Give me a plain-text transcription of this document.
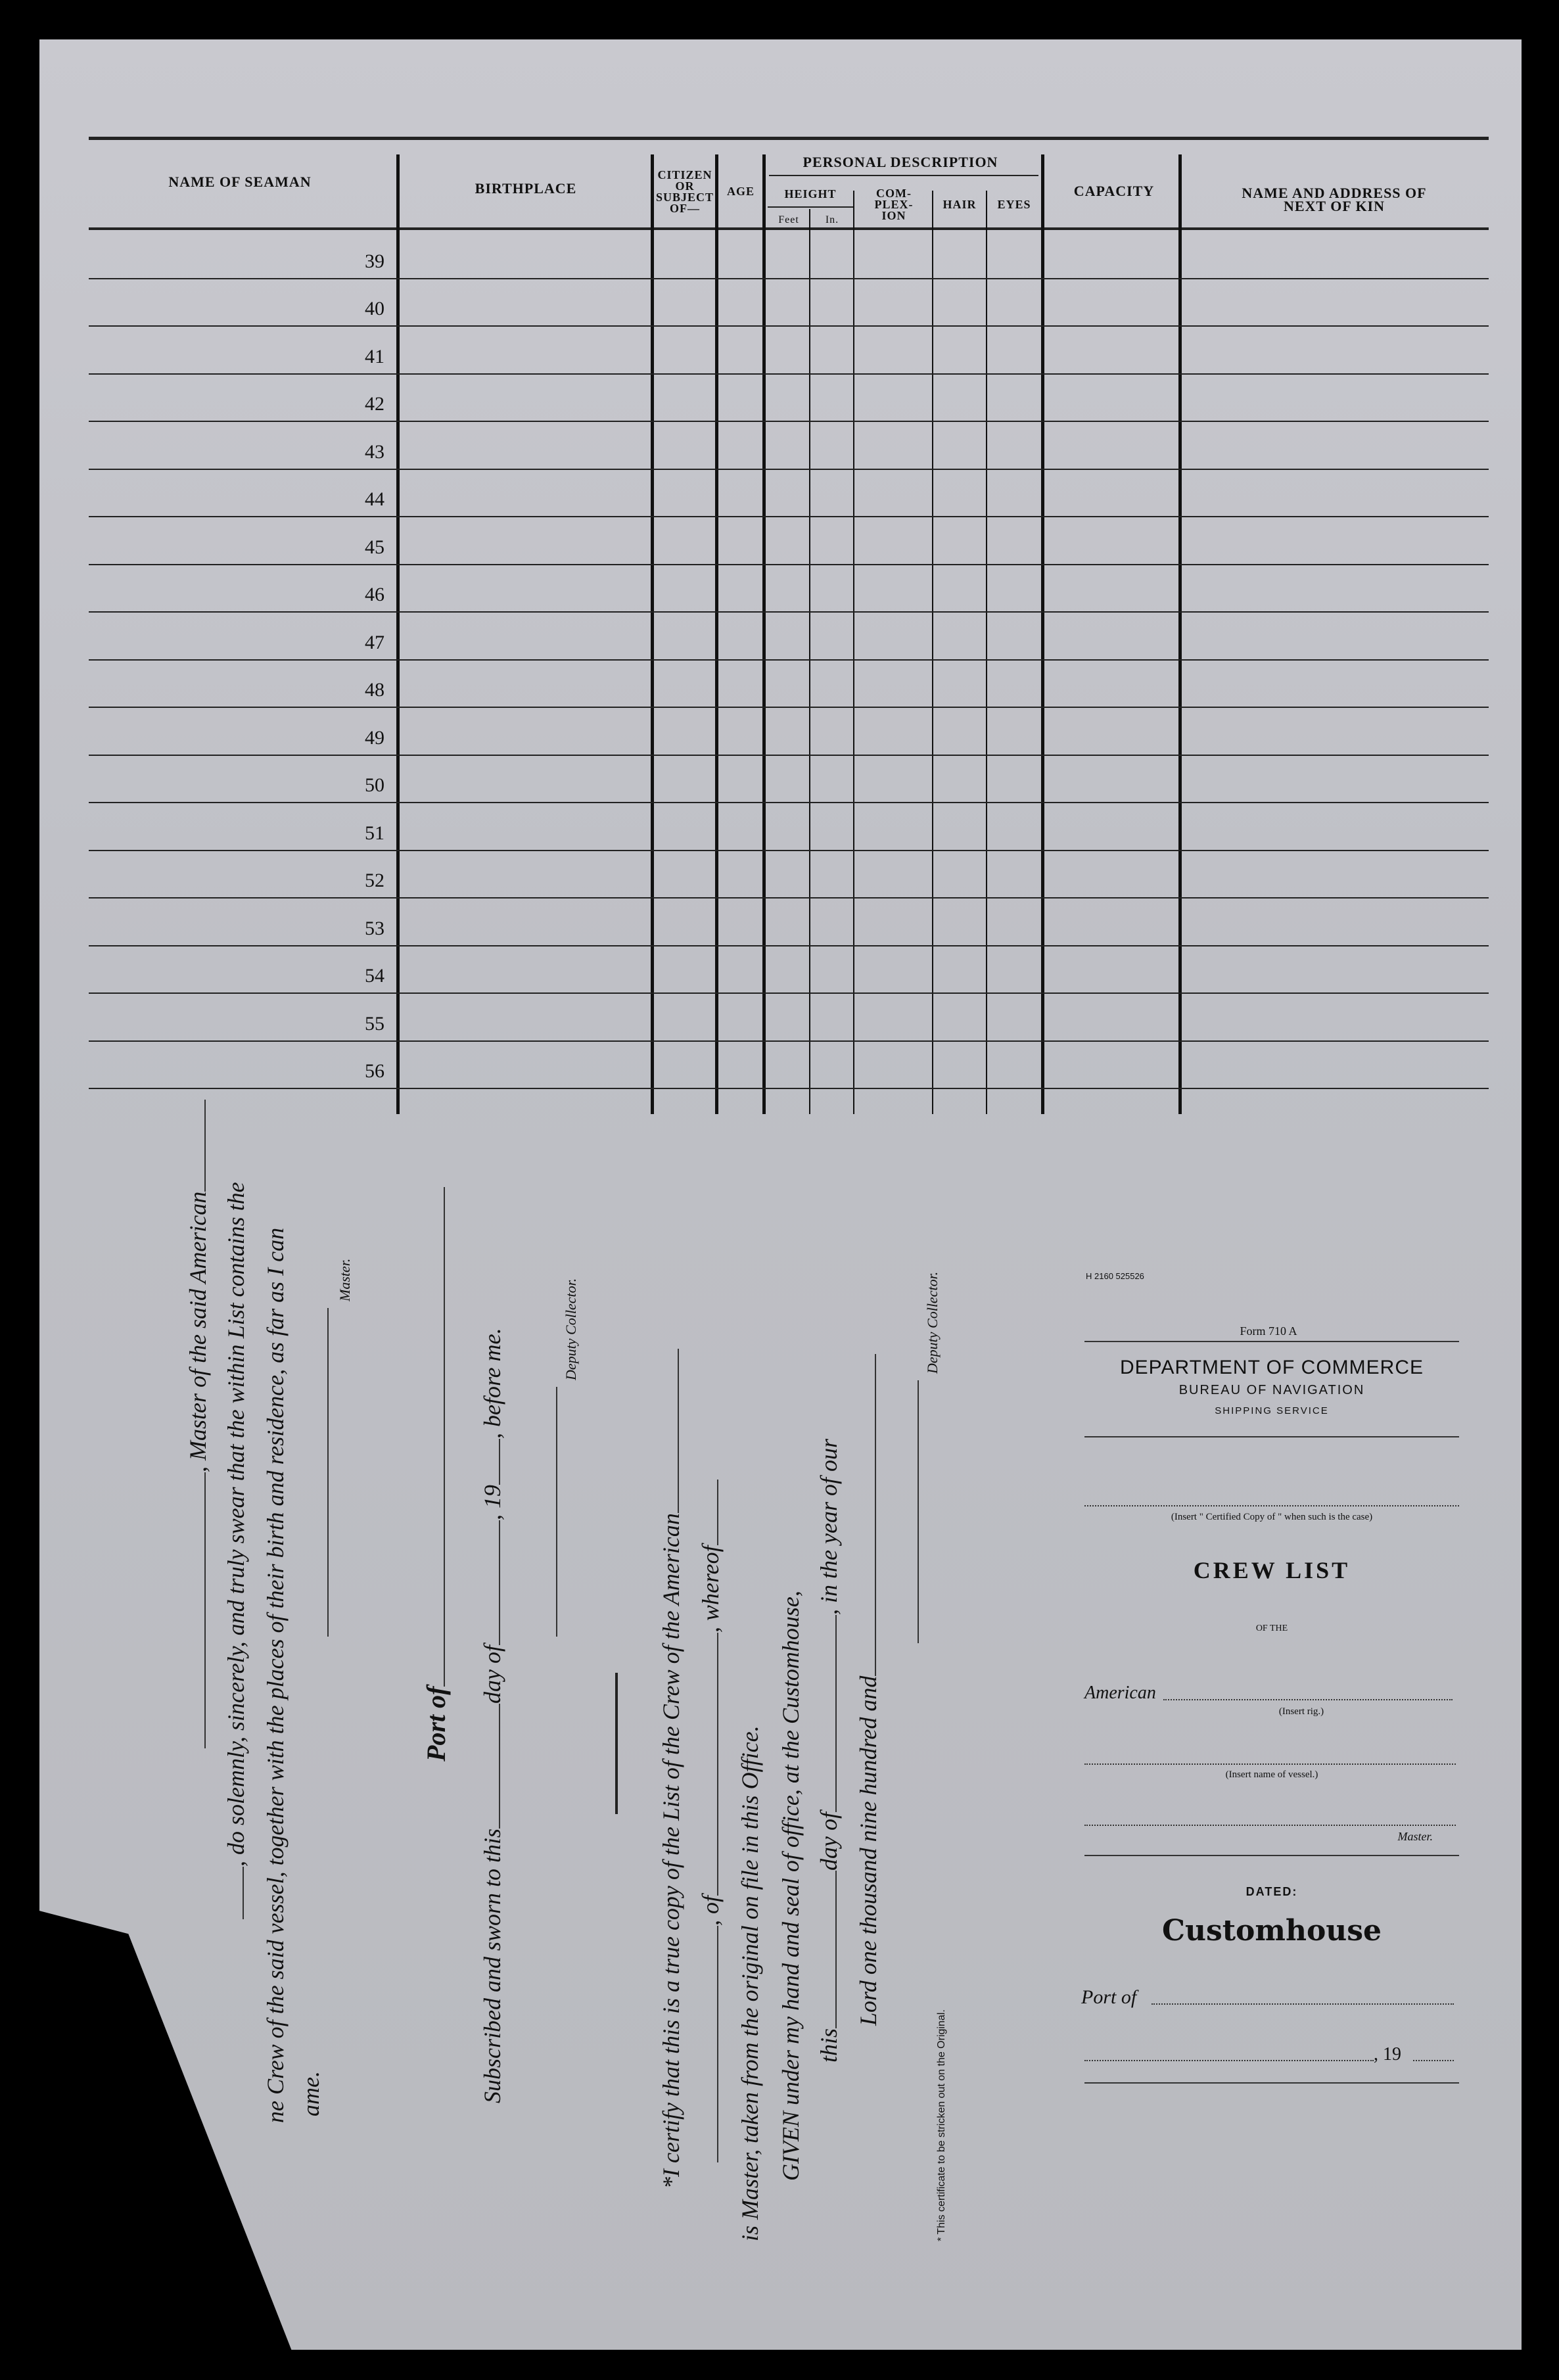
NAME OF SEAMAN	BIRTHPLACE
CITIZEN
OR
SUBJECT
OF—
AGE
PERSONAL DESCRIPTION
HEIGHT
Feet	In.
COM-
PLEX-
ION
HAIR	EYES
CAPACITY	NAME AND ADDRESS OF
NEXT OF KIN
39
40
41
42
43
44
45
46
47
48
49
50
51
52
53
54
55
56
, Master of the said American , do solemnly, sincerely, and truly swear that the within List contains the ne Crew of the said vessel, together with the places of their birth and residence, as far as I can ame.
Master.
Port of
Subscribed and sworn to thisday of, 19, before me.	Deputy Collector.
*I certify that this is a true copy of the List of the Crew of the American , of, whereof
is Master, taken from the original on file in this Office. GIVEN under my hand and seal of office, at the Customhouse, thisday of, in the year of our
Lord one thousand nine hundred and
Deputy Collector.
* This certificate to be stricken out on the Original.
H 2160 525526
Form 710 A
DEPARTMENT OF COMMERCE
BUREAU OF NAVIGATION
SHIPPING SERVICE
(Insert " Certified Copy of " when such is the case)
CREW LIST
OF THE
American
(Insert rig.)
(Insert name of vessel.)
Master.
DATED:
Customhouse
Port of
, 19
